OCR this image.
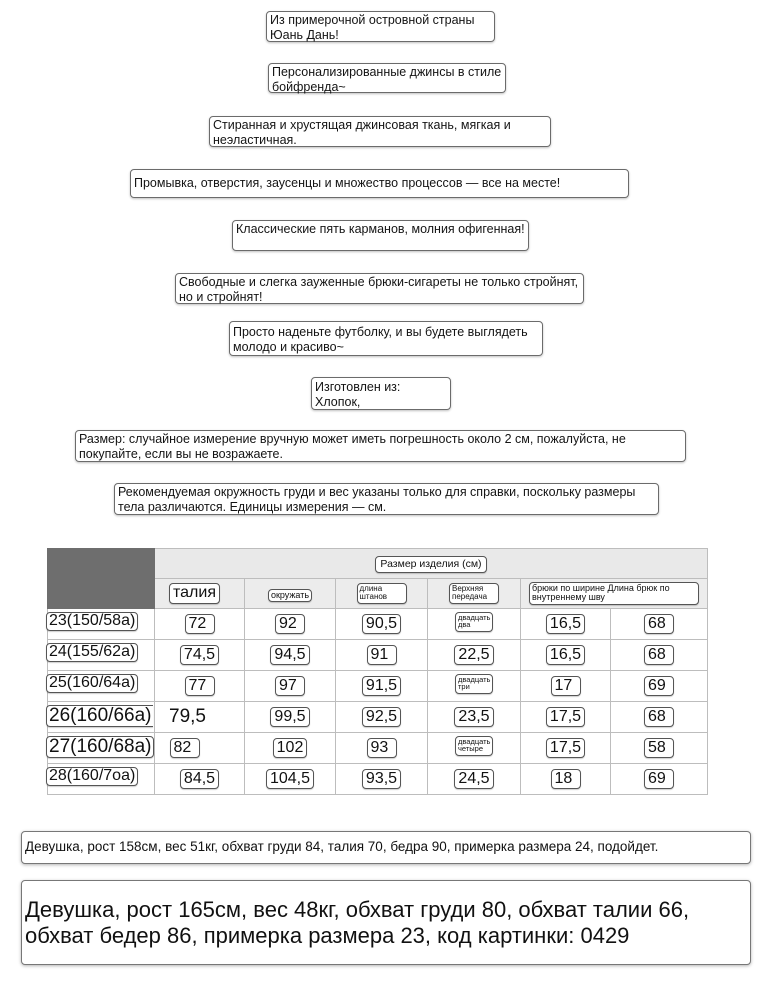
Из примерочной островной страны Юань Дань!
Персонализированные джинсы в стиле бойфренда~
Стиранная и хрустящая джинсовая ткань, мягкая и неэластичная.
Промывка, отверстия, заусенцы и множество процессов — все на месте!
Классические пять карманов, молния офигенная!
Свободные и слегка зауженные брюки-сигареты не только стройнят, но и стройнят!
Просто наденьте футболку, и вы будете выглядеть молодо и красиво~
Изготовлен из: Хлопок,
Размер: случайное измерение вручную может иметь погрешность около 2 см, пожалуйста, не покупайте, если вы не возражаете.
Рекомендуемая окружность груди и вес указаны только для справки, поскольку размеры тела различаются. Единицы измерения — см.
	Размер изделия (см)					
	талия	окружать	длина штанов	Верхняя передача	брюки по ширине Длина брюк по внутреннему шву	

23(150/58a)	72	92	90,5	двадцать два	16,5	68

24(155/62a)	74,5	94,5	91	22,5	16,5	68

25(160/64a)	77	97	91,5	двадцать три	17	69

26(160/66a)	79,5	99,5	92,5	23,5	17,5	68

27(160/68a)	82	102	93	двадцать четыре	17,5	58

28(160/7oa)	84,5	104,5	93,5	24,5	18	69
Девушка, рост 158см, вес 51кг, обхват груди 84, талия 70, бедра 90, примерка размера 24, подойдет.
Девушка, рост 165см, вес 48кг, обхват груди 80, обхват талии 66, обхват бедер 86, примерка размера 23, код картинки: 0429
